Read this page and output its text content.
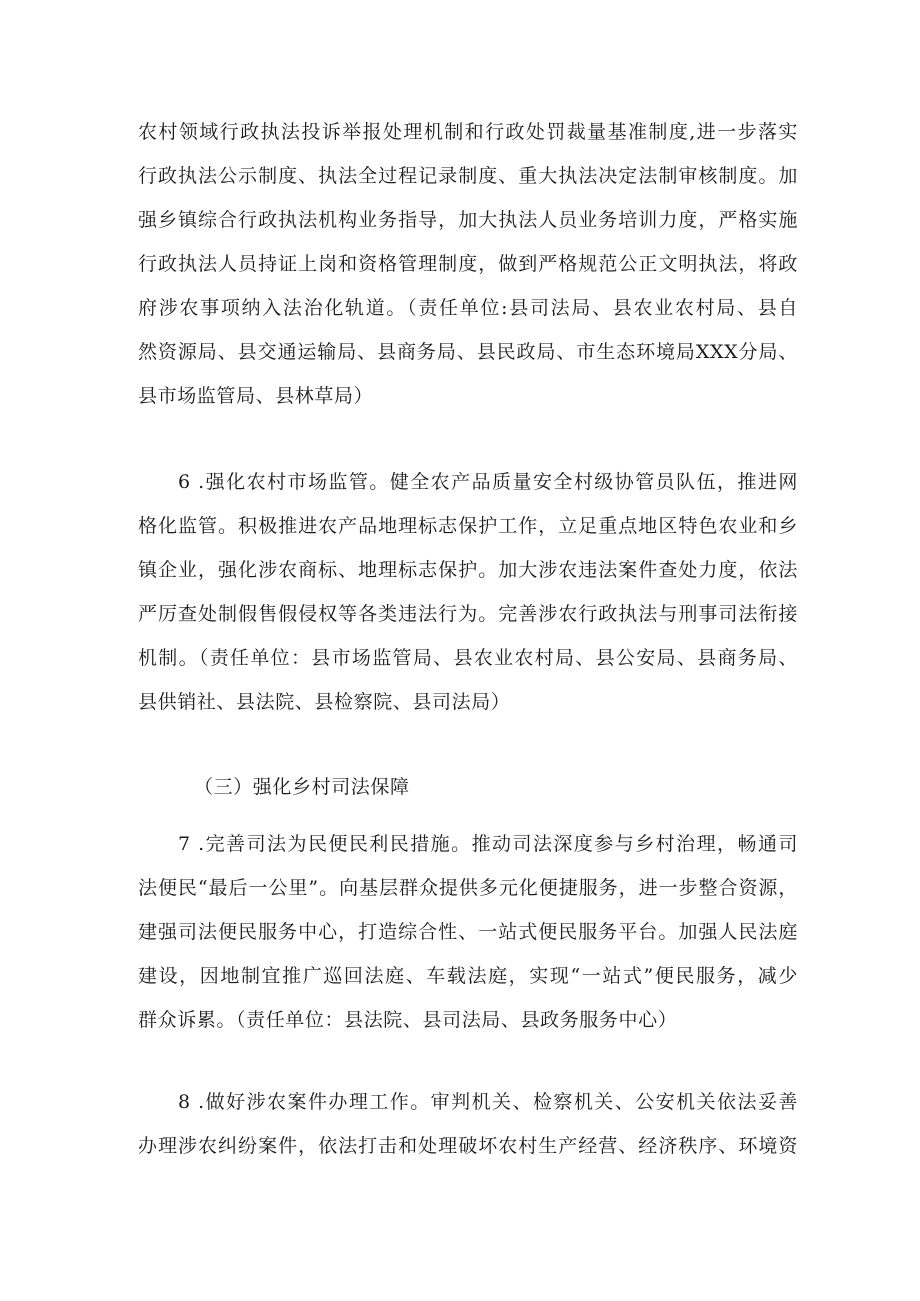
农村领域行政执法投诉举报处理机制和行政处罚裁量基准制度,进一步落实
行政执法公示制度、执法全过程记录制度、重大执法决定法制审核制度。加
强乡镇综合行政执法机构业务指导，加大执法人员业务培训力度，严格实施
行政执法人员持证上岗和资格管理制度，做到严格规范公正文明执法，将政
府涉农事项纳入法治化轨道。（责任单位:县司法局、县农业农村局、县自
然资源局、县交通运输局、县商务局、县民政局、市生态环境局XXX分局、
县市场监管局、县林草局）
6 .强化农村市场监管。健全农产品质量安全村级协管员队伍，推进网
格化监管。积极推进农产品地理标志保护工作，立足重点地区特色农业和乡
镇企业，强化涉农商标、地理标志保护。加大涉农违法案件查处力度，依法
严厉查处制假售假侵权等各类违法行为。完善涉农行政执法与刑事司法衔接
机制。（责任单位：县市场监管局、县农业农村局、县公安局、县商务局、
县供销社、县法院、县检察院、县司法局）
（三）强化乡村司法保障
7 .完善司法为民便民利民措施。推动司法深度参与乡村治理，畅通司
法便民“最后一公里”。向基层群众提供多元化便捷服务，进一步整合资源，
建强司法便民服务中心，打造综合性、一站式便民服务平台。加强人民法庭
建设，因地制宜推广巡回法庭、车载法庭，实现“一站式”便民服务，减少
群众诉累。（责任单位：县法院、县司法局、县政务服务中心）
8 .做好涉农案件办理工作。审判机关、检察机关、公安机关依法妥善
办理涉农纠纷案件，依法打击和处理破坏农村生产经营、经济秩序、环境资
